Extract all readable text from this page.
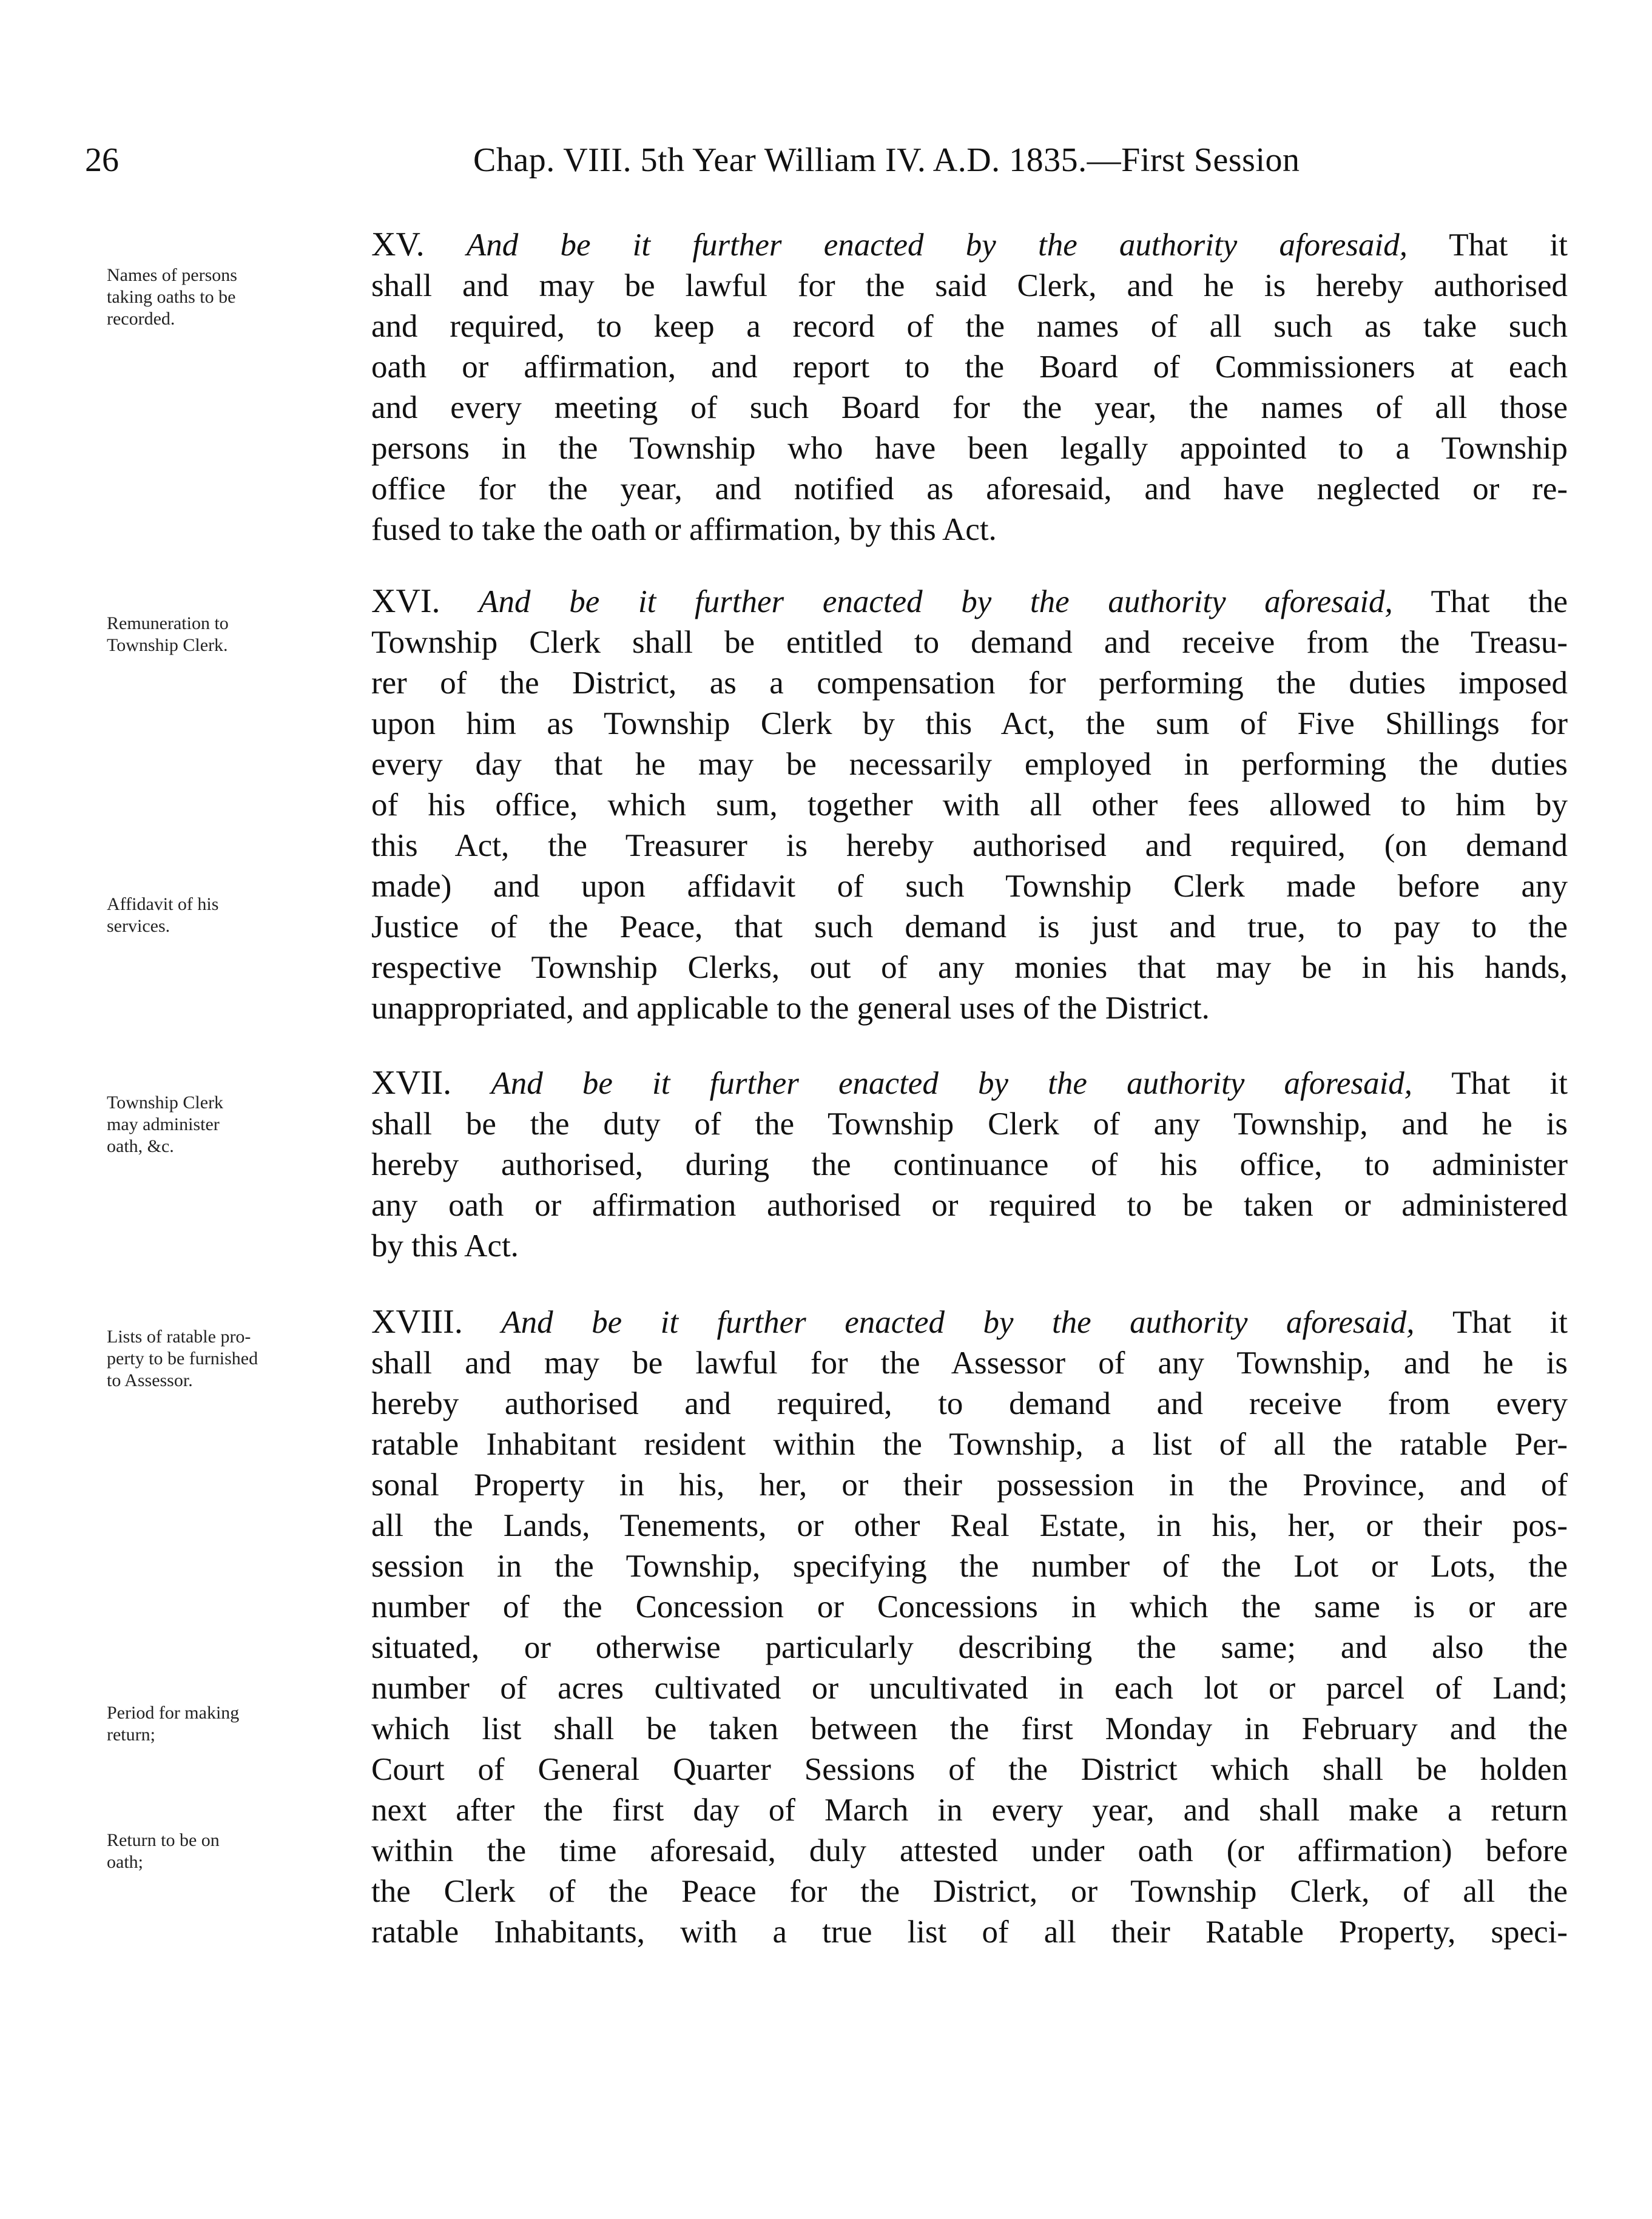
26	Chap. VIII. 5th Year William IV. A.D. 1835.—First Session
XV. And be it further enacted by the authority aforesaid, That it
shall and may be lawful for the said Clerk, and he is hereby authorised
and required, to keep a record of the names of all such as take such
oath or affirmation, and report to the Board of Commissioners at each
and every meeting of such Board for the year, the names of all those
persons in the Township who have been legally appointed to a Township
office for the year, and notified as aforesaid, and have neglected or re-
fused to take the oath or affirmation, by this Act.
XVI. And be it further enacted by the authority aforesaid, That the
Township Clerk shall be entitled to demand and receive from the Treasu-
rer of the District, as a compensation for performing the duties imposed
upon him as Township Clerk by this Act, the sum of Five Shillings for
every day that he may be necessarily employed in performing the duties
of his office, which sum, together with all other fees allowed to him by
this Act, the Treasurer is hereby authorised and required, (on demand
made) and upon affidavit of such Township Clerk made before any
Justice of the Peace, that such demand is just and true, to pay to the
respective Township Clerks, out of any monies that may be in his hands,
unappropriated, and applicable to the general uses of the District.
XVII. And be it further enacted by the authority aforesaid, That it
shall be the duty of the Township Clerk of any Township, and he is
hereby authorised, during the continuance of his office, to administer
any oath or affirmation authorised or required to be taken or administered
by this Act.
XVIII. And be it further enacted by the authority aforesaid, That it
shall and may be lawful for the Assessor of any Township, and he is
hereby authorised and required, to demand and receive from every
ratable Inhabitant resident within the Township, a list of all the ratable Per-
sonal Property in his, her, or their possession in the Province, and of
all the Lands, Tenements, or other Real Estate, in his, her, or their pos-
session in the Township, specifying the number of the Lot or Lots, the
number of the Concession or Concessions in which the same is or are
situated, or otherwise particularly describing the same; and also the
number of acres cultivated or uncultivated in each lot or parcel of Land;
which list shall be taken between the first Monday in February and the
Court of General Quarter Sessions of the District which shall be holden
next after the first day of March in every year, and shall make a return
within the time aforesaid, duly attested under oath (or affirmation) before
the Clerk of the Peace for the District, or Township Clerk, of all the
ratable Inhabitants, with a true list of all their Ratable Property, speci-
Names of persons
taking oaths to be
recorded.
Remuneration to
Township Clerk.
Affidavit of his
services.
Township Clerk
may administer
oath, &c.
Lists of ratable pro-
perty to be furnished
to Assessor.
Period for making
return;
Return to be on
oath;
